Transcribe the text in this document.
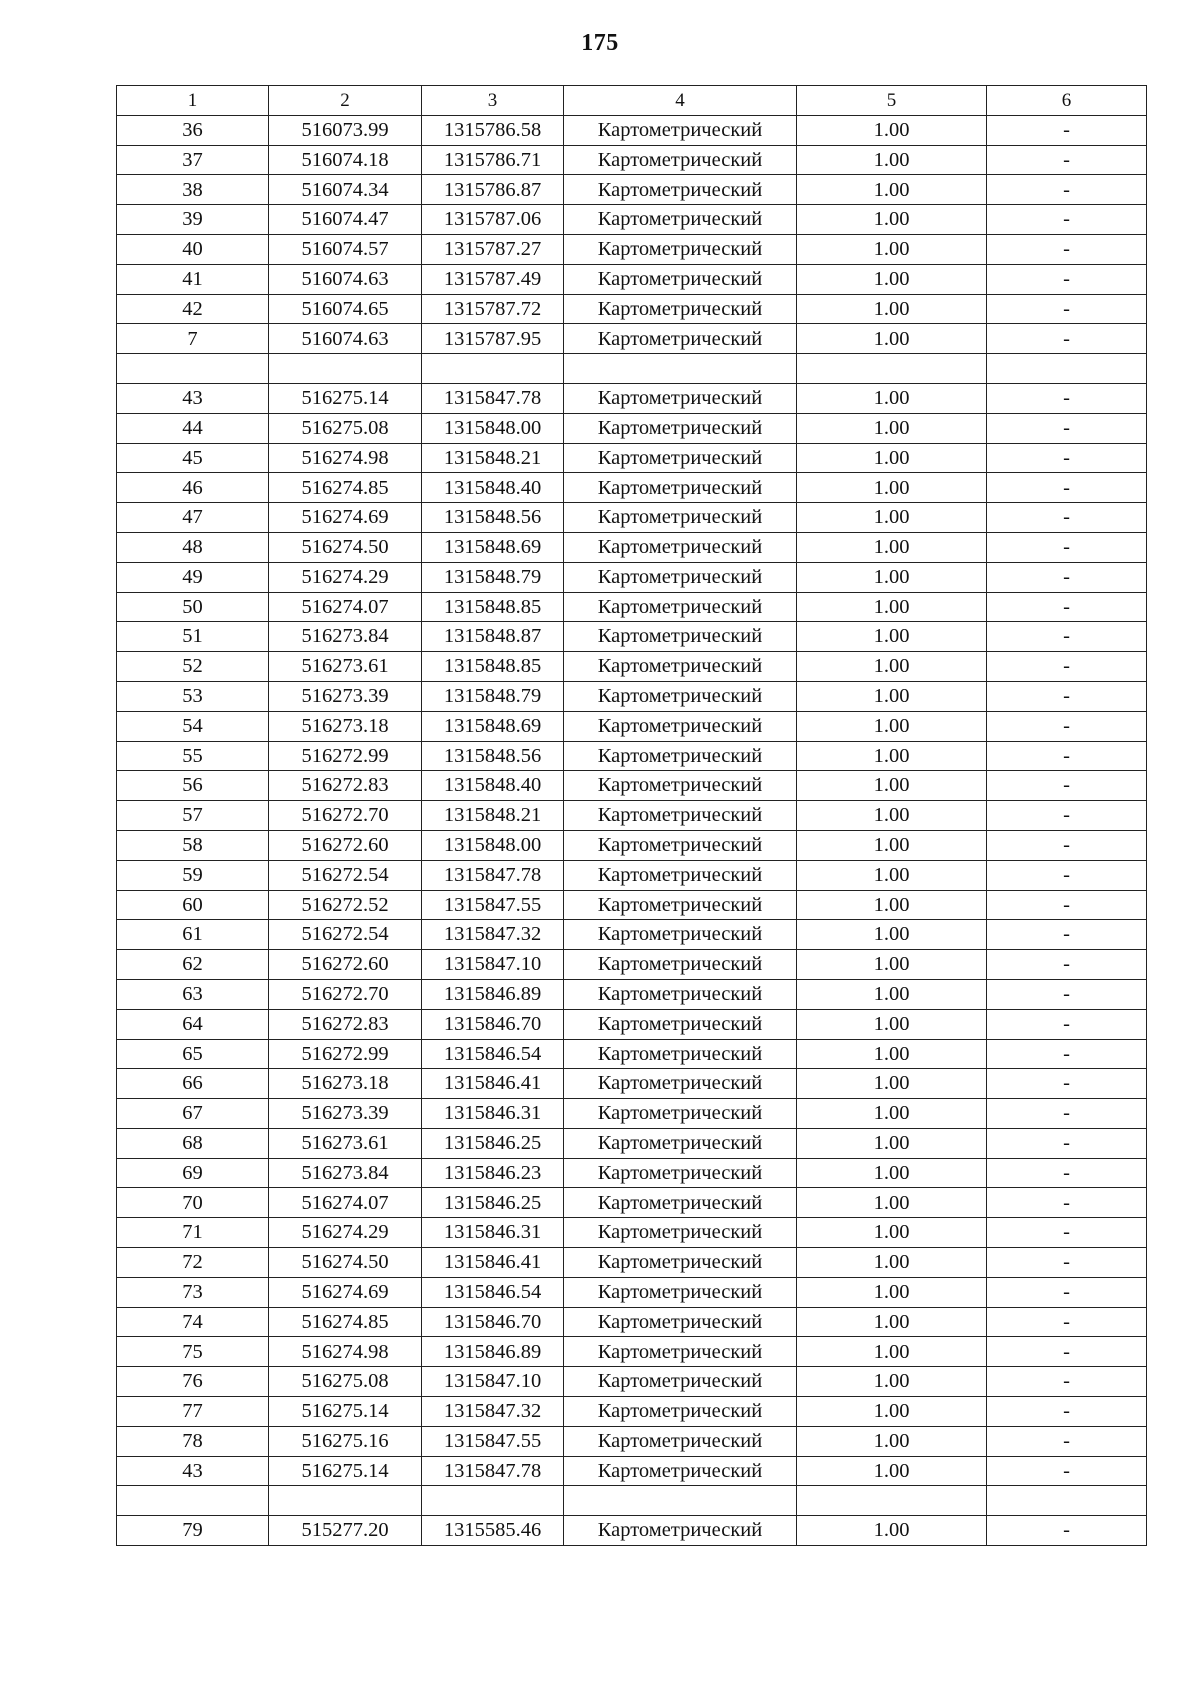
175
1	2	3	4	5	6
36	516073.99	1315786.58	Картометрический	1.00	-
37	516074.18	1315786.71	Картометрический	1.00	-
38	516074.34	1315786.87	Картометрический	1.00	-
39	516074.47	1315787.06	Картометрический	1.00	-
40	516074.57	1315787.27	Картометрический	1.00	-
41	516074.63	1315787.49	Картометрический	1.00	-
42	516074.65	1315787.72	Картометрический	1.00	-
7	516074.63	1315787.95	Картометрический	1.00	-

43	516275.14	1315847.78	Картометрический	1.00	-
44	516275.08	1315848.00	Картометрический	1.00	-
45	516274.98	1315848.21	Картометрический	1.00	-
46	516274.85	1315848.40	Картометрический	1.00	-
47	516274.69	1315848.56	Картометрический	1.00	-
48	516274.50	1315848.69	Картометрический	1.00	-
49	516274.29	1315848.79	Картометрический	1.00	-
50	516274.07	1315848.85	Картометрический	1.00	-
51	516273.84	1315848.87	Картометрический	1.00	-
52	516273.61	1315848.85	Картометрический	1.00	-
53	516273.39	1315848.79	Картометрический	1.00	-
54	516273.18	1315848.69	Картометрический	1.00	-
55	516272.99	1315848.56	Картометрический	1.00	-
56	516272.83	1315848.40	Картометрический	1.00	-
57	516272.70	1315848.21	Картометрический	1.00	-
58	516272.60	1315848.00	Картометрический	1.00	-
59	516272.54	1315847.78	Картометрический	1.00	-
60	516272.52	1315847.55	Картометрический	1.00	-
61	516272.54	1315847.32	Картометрический	1.00	-
62	516272.60	1315847.10	Картометрический	1.00	-
63	516272.70	1315846.89	Картометрический	1.00	-
64	516272.83	1315846.70	Картометрический	1.00	-
65	516272.99	1315846.54	Картометрический	1.00	-
66	516273.18	1315846.41	Картометрический	1.00	-
67	516273.39	1315846.31	Картометрический	1.00	-
68	516273.61	1315846.25	Картометрический	1.00	-
69	516273.84	1315846.23	Картометрический	1.00	-
70	516274.07	1315846.25	Картометрический	1.00	-
71	516274.29	1315846.31	Картометрический	1.00	-
72	516274.50	1315846.41	Картометрический	1.00	-
73	516274.69	1315846.54	Картометрический	1.00	-
74	516274.85	1315846.70	Картометрический	1.00	-
75	516274.98	1315846.89	Картометрический	1.00	-
76	516275.08	1315847.10	Картометрический	1.00	-
77	516275.14	1315847.32	Картометрический	1.00	-
78	516275.16	1315847.55	Картометрический	1.00	-
43	516275.14	1315847.78	Картометрический	1.00	-

79	515277.20	1315585.46	Картометрический	1.00	-
